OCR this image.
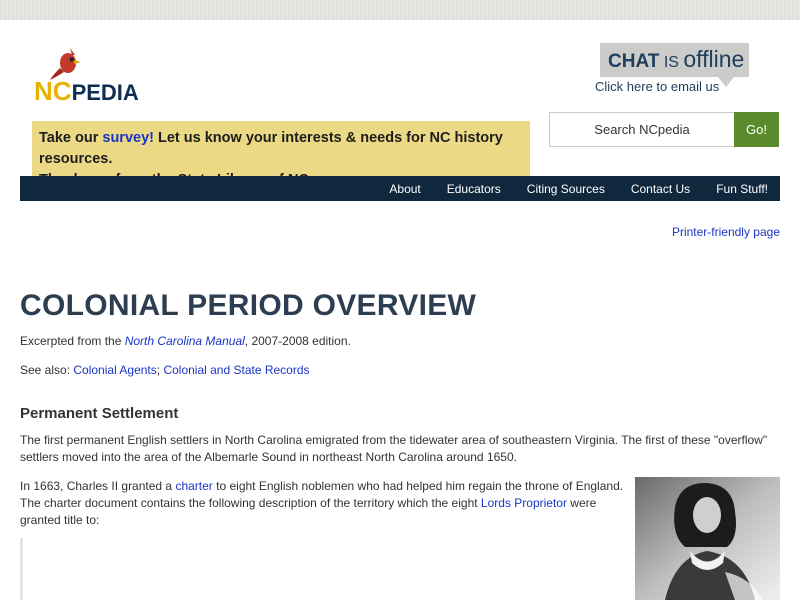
NCPEDIA
CHAT IS offline
Click here to email us
Take our survey! Let us know your interests & needs for NC history resources.

Search NCpedia	Go!
About Educators Citing Sources Contact Us Fun Stuff!
Printer-friendly page
COLONIAL PERIOD OVERVIEW
Excerpted from the North Carolina Manual, 2007-2008 edition.
See also: Colonial Agents; Colonial and State Records
Permanent Settlement

The first permanent English settlers in North Carolina emigrated from the tidewater area of southeastern Virginia. The first of these "overflow" settlers moved into the area of the Albemarle Sound in northeast North Carolina around 1650.

In 1663, Charles II granted a charter to eight English noblemen who had helped him regain the throne of England. The charter document contains the following description of the territory which the eight Lords Proprietor were granted title to:
